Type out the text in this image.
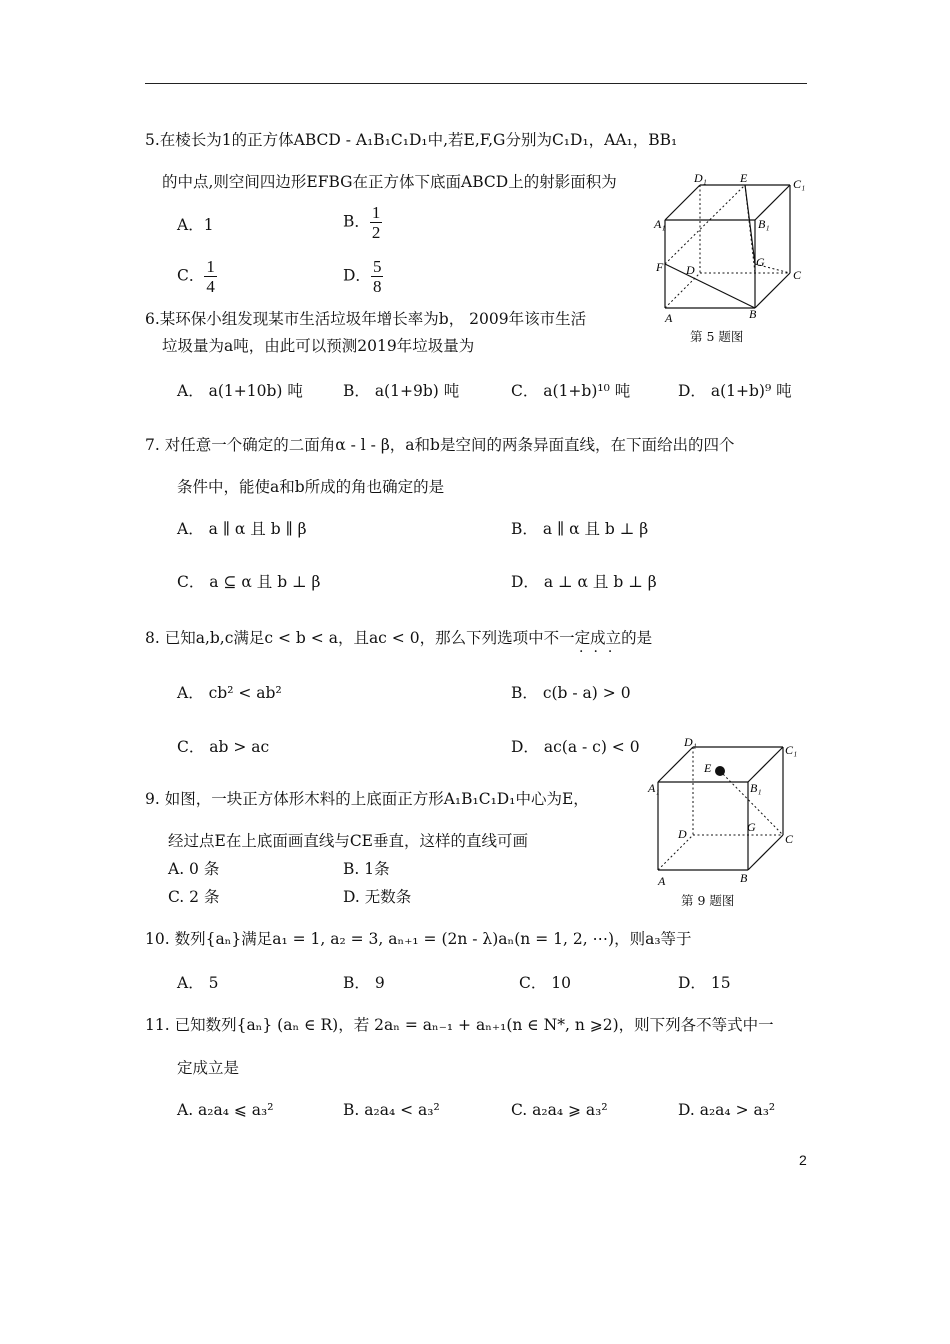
5.在棱长为1的正方体ABCD - A₁B₁C₁D₁中,若E,F,G分别为C₁D₁，AA₁，BB₁
的中点,则空间四边形EFBG在正方体下底面ABCD上的射影面积为
A．1	B． $\frac{1}{2}$
C． $\frac{1}{4}$	D． $\frac{5}{8}$
D₁	E	C₁
A₁	B₁
F D
G
C
A	B
第 5 题图
6.某环保小组发现某市生活垃圾年增长率为b， 2009年该市生活
垃圾量为a吨，由此可以预测2019年垃圾量为
A． a(1+10b) 吨	B． a(1+9b) 吨	C． a(1+b)¹⁰ 吨	D． a(1+b)⁹ 吨
7. 对任意一个确定的二面角α - l - β，a和b是空间的两条异面直线，在下面给出的四个
条件中，能使a和b所成的角也确定的是
A． a ∥ α 且 b ∥ β	B． a ∥ α 且 b ⊥ β
C． a ⊆ α 且 b ⊥ β	D． a ⊥ α 且 b ⊥ β
8. 已知a,b,c满足c < b < a，且ac < 0，那么下列选项中不一定成立的是
···
A． cb² < ab²	B． c(b - a) > 0
C． ab > ac	D． ac(a - c) < 0	D₁
C₁
E
A₁	B₁
D	G
C
A	B
第 9 题图
9. 如图，一块正方体形木料的上底面正方形A₁B₁C₁D₁中心为E，
经过点E在上底面画直线与CE垂直，这样的直线可画
A. 0 条	B. 1条
C. 2 条	D. 无数条
10. 数列{aₙ}满足a₁ = 1, a₂ = 3, aₙ₊₁ = (2n - λ)aₙ(n = 1, 2, ⋯)，则a₃等于
A． 5	B． 9	C． 10	D． 15
11. 已知数列{aₙ} (aₙ ∈ R)，若 2aₙ = aₙ₋₁ + aₙ₊₁(n ∈ N*, n ⩾2)，则下列各不等式中一
定成立是
A. a₂a₄ ⩽ a₃²	B. a₂a₄ < a₃²	C. a₂a₄ ⩾ a₃²	D. a₂a₄ > a₃²
2
